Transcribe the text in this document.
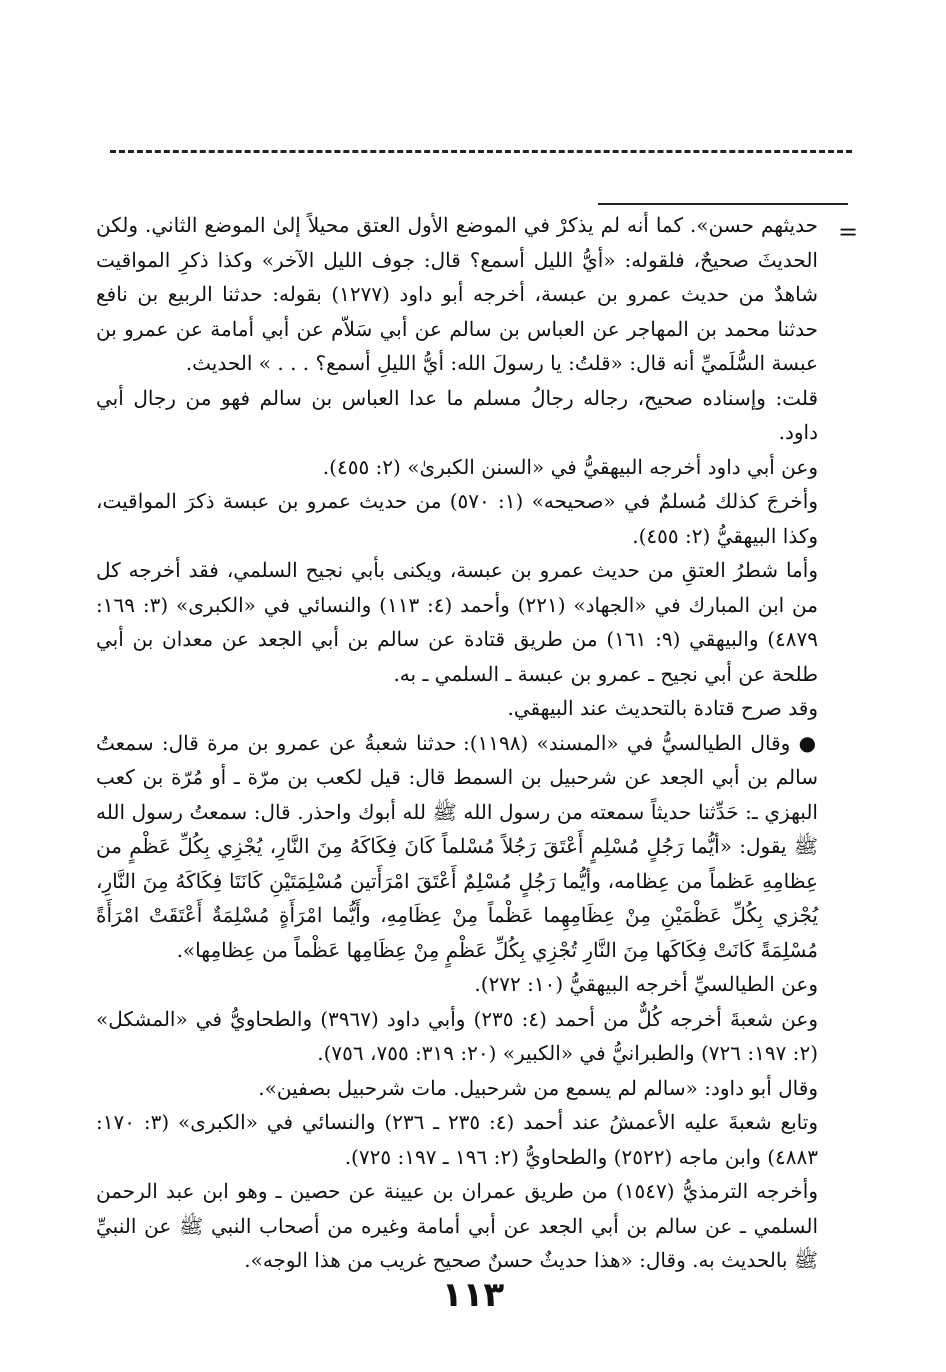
=

حديثهم حسن». كما أنه لم يذكرْ في الموضع الأول العتق محيلاً إلىٰ الموضع الثاني. ولكن الحديثَ صحيحٌ، فلقوله: «أيُّ الليل أسمع؟ قال: جوف الليل الآخر» وكذا ذكرِ المواقيت شاهدٌ من حديث عمرو بن عبسة، أخرجه أبو داود (١٢٧٧) بقوله: حدثنا الربيع بن نافع حدثنا محمد بن المهاجر عن العباس بن سالم عن أبي سَلاّم عن أبي أمامة عن عمرو بن عبسة السُّلَميِّ أنه قال: «قلتُ: يا رسولَ الله: أيُّ الليلِ أسمع؟ . . . » الحديث.

قلت: وإسناده صحيح، رجاله رجالُ مسلم ما عدا العباس بن سالم فهو من رجال أبي داود.

وعن أبي داود أخرجه البيهقيُّ في «السنن الكبرىٰ» (٢: ٤٥٥).

وأخرجَ كذلك مُسلمٌ في «صحيحه» (١: ٥٧٠) من حديث عمرو بن عبسة ذكرَ المواقيت، وكذا البيهقيُّ (٢: ٤٥٥).

وأما شطرُ العتقِ من حديث عمرو بن عبسة، ويكنى بأبي نجيح السلمي، فقد أخرجه كل من ابن المبارك في «الجهاد» (٢٢١) وأحمد (٤: ١١٣) والنسائي في «الكبرى» (٣: ١٦٩: ٤٨٧٩) والبيهقي (٩: ١٦١) من طريق قتادة عن سالم بن أبي الجعد عن معدان بن أبي طلحة عن أبي نجيح ـ عمرو بن عبسة ـ السلمي ـ به.

وقد صرح قتادة بالتحديث عند البيهقي.

● وقال الطيالسيُّ في «المسند» (١١٩٨): حدثنا شعبةُ عن عمرو بن مرة قال: سمعتُ سالم بن أبي الجعد عن شرحبيل بن السمط قال: قيل لكعب بن مرّة ـ أو مُرّة بن كعب البهزي ـ: حَدِّثنا حديثاً سمعته من رسول الله ﷺ لله أبوك واحذر. قال: سمعتُ رسول الله ﷺ يقول: «أيُّما رَجُلٍ مُسْلِمٍ أَعْتَقَ رَجُلاً مُسْلماً كَانَ فِكَاكَهُ مِنَ النَّارِ، يُجْزِي بِكُلِّ عَظْمٍ من عِظامِهِ عَظماً من عِظامه، وأيُّما رَجُلٍ مُسْلِمٌ أَعْتَقَ امْرَأَتين مُسْلِمَتَيْنِ كَانَتَا فِكَاكَهُ مِنَ النَّارِ، يُجْزي بِكُلِّ عَظْمَيْنِ مِنْ عِظَامِهِما عَظْماً مِنْ عِظَامِهِ، وأَيُّما امْرَأَةٍ مُسْلِمَةٌ أَعْتَقَتْ امْرَأَةً مُسْلِمَةً كَانَتْ فِكَاكَها مِنَ النَّارِ تُجْزِي بِكُلِّ عَظْمٍ مِنْ عِظَامِها عَظْماً من عِظامِها».

وعن الطيالسيِّ أخرجه البيهقيُّ (١٠: ٢٧٢).

وعن شعبةَ أخرجه كُلٌّ من أحمد (٤: ٢٣٥) وأبي داود (٣٩٦٧) والطحاويُّ في «المشكل» (٢: ١٩٧: ٧٢٦) والطبرانيُّ في «الكبير» (٢٠: ٣١٩: ٧٥٥، ٧٥٦).

وقال أبو داود: «سالم لم يسمع من شرحبيل. مات شرحبيل بصفين».

وتابع شعبةَ عليه الأعمشُ عند أحمد (٤: ٢٣٥ ـ ٢٣٦) والنسائي في «الكبرى» (٣: ١٧٠: ٤٨٨٣) وابن ماجه (٢٥٢٢) والطحاويُّ (٢: ١٩٦ ـ ١٩٧: ٧٢٥).

وأخرجه الترمذيُّ (١٥٤٧) من طريق عمران بن عيينة عن حصين ـ وهو ابن عبد الرحمن السلمي ـ عن سالم بن أبي الجعد عن أبي أمامة وغيره من أصحاب النبي ﷺ عن النبيِّ ﷺ بالحديث به. وقال: «هذا حديثٌ حسنٌ صحيح غريب من هذا الوجه».

١١٣
